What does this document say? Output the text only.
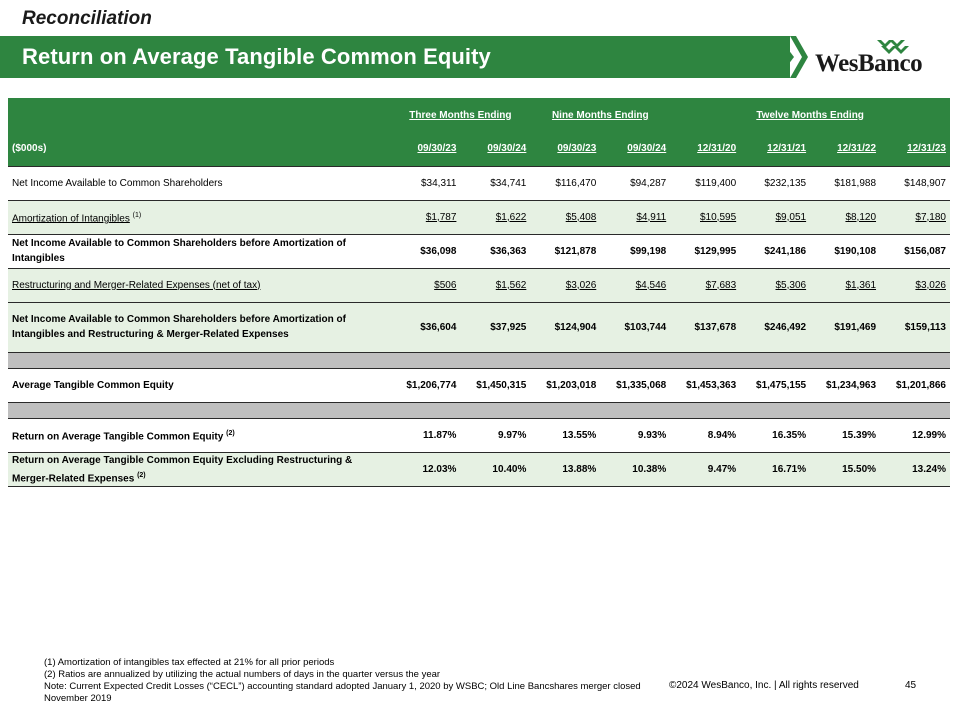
Reconciliation
Return on Average Tangible Common Equity	WesBanco
	Three Months Ending		Nine Months Ending		Twelve Months Ending			
($000s)	09/30/23	09/30/24	09/30/23	09/30/24	12/31/20	12/31/21	12/31/22	12/31/23
Net Income Available to Common Shareholders	$34,311	$34,741	$116,470	$94,287	$119,400	$232,135	$181,988	$148,907
Amortization of Intangibles $^{(1)}$	$1,787	$1,622	$5,408	$4,911	$10,595	$9,051	$8,120	$7,180
Net Income Available to Common Shareholders before Amortization of Intangibles	$36,098	$36,363	$121,878	$99,198	$129,995	$241,186	$190,108	$156,087
Restructuring and Merger-Related Expenses (net of tax)	$506	$1,562	$3,026	$4,546	$7,683	$5,306	$1,361	$3,026
Net Income Available to Common Shareholders before Amortization of Intangibles and Restructuring & Merger-Related Expenses	$36,604	$37,925	$124,904	$103,744	$137,678	$246,492	$191,469	$159,113

Average Tangible Common Equity	$1,206,774	$1,450,315	$1,203,018	$1,335,068	$1,453,363	$1,475,155	$1,234,963	$1,201,866

Return on Average Tangible Common Equity $^{(2)}$	11.87%	9.97%	13.55%	9.93%	8.94%	16.35%	15.39%	12.99%
Return on Average Tangible Common Equity Excluding Restructuring & Merger-Related Expenses $^{(2)}$	12.03%	10.40%	13.88%	10.38%	9.47%	16.71%	15.50%	13.24%
(1) Amortization of intangibles tax effected at 21% for all prior periods
(2) Ratios are annualized by utilizing the actual numbers of days in the quarter versus the year
Note: Current Expected Credit Losses (“CECL”) accounting standard adopted January 1, 2020 by WSBC; Old Line Bancshares merger closed November 2019
©2024 WesBanco, Inc. | All rights reserved	45
